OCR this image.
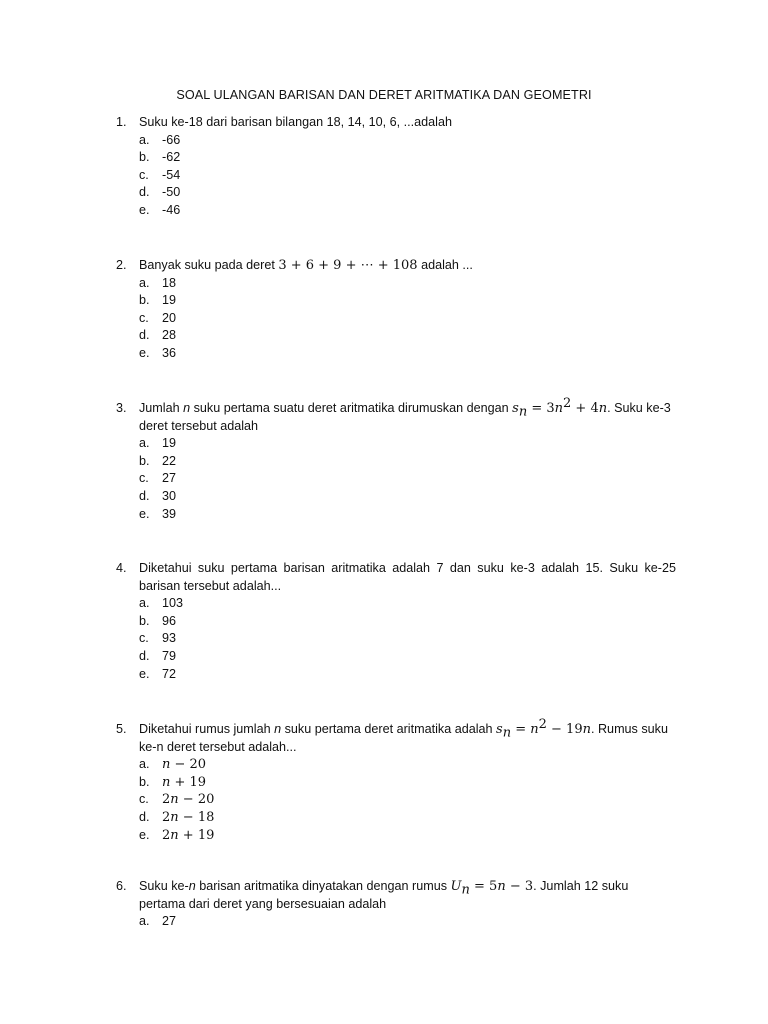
SOAL ULANGAN BARISAN DAN DERET ARITMATIKA DAN GEOMETRI
1. Suku ke-18 dari barisan bilangan 18, 14, 10, 6, ...adalah
a. -66
b. -62
c. -54
d. -50
e. -46
2. Banyak suku pada deret 3 + 6 + 9 + ⋯ + 108 adalah ...
a. 18
b. 19
c. 20
d. 28
e. 36
3. Jumlah n suku pertama suatu deret aritmatika dirumuskan dengan $s_n = 3n^2 + 4n$. Suku ke-3 deret tersebut adalah
a. 19
b. 22
c. 27
d. 30
e. 39
4. Diketahui suku pertama barisan aritmatika adalah 7 dan suku ke-3 adalah 15. Suku ke-25 barisan tersebut adalah...
a. 103
b. 96
c. 93
d. 79
e. 72
5. Diketahui rumus jumlah n suku pertama deret aritmatika adalah $s_n = n^2 - 19n$. Rumus suku ke-n deret tersebut adalah...
a. n − 20
b. n + 19
c. 2n − 20
d. 2n − 18
e. 2n + 19
6. Suku ke-n barisan aritmatika dinyatakan dengan rumus $U_n = 5n - 3$. Jumlah 12 suku pertama dari deret yang bersesuaian adalah
a. 27
